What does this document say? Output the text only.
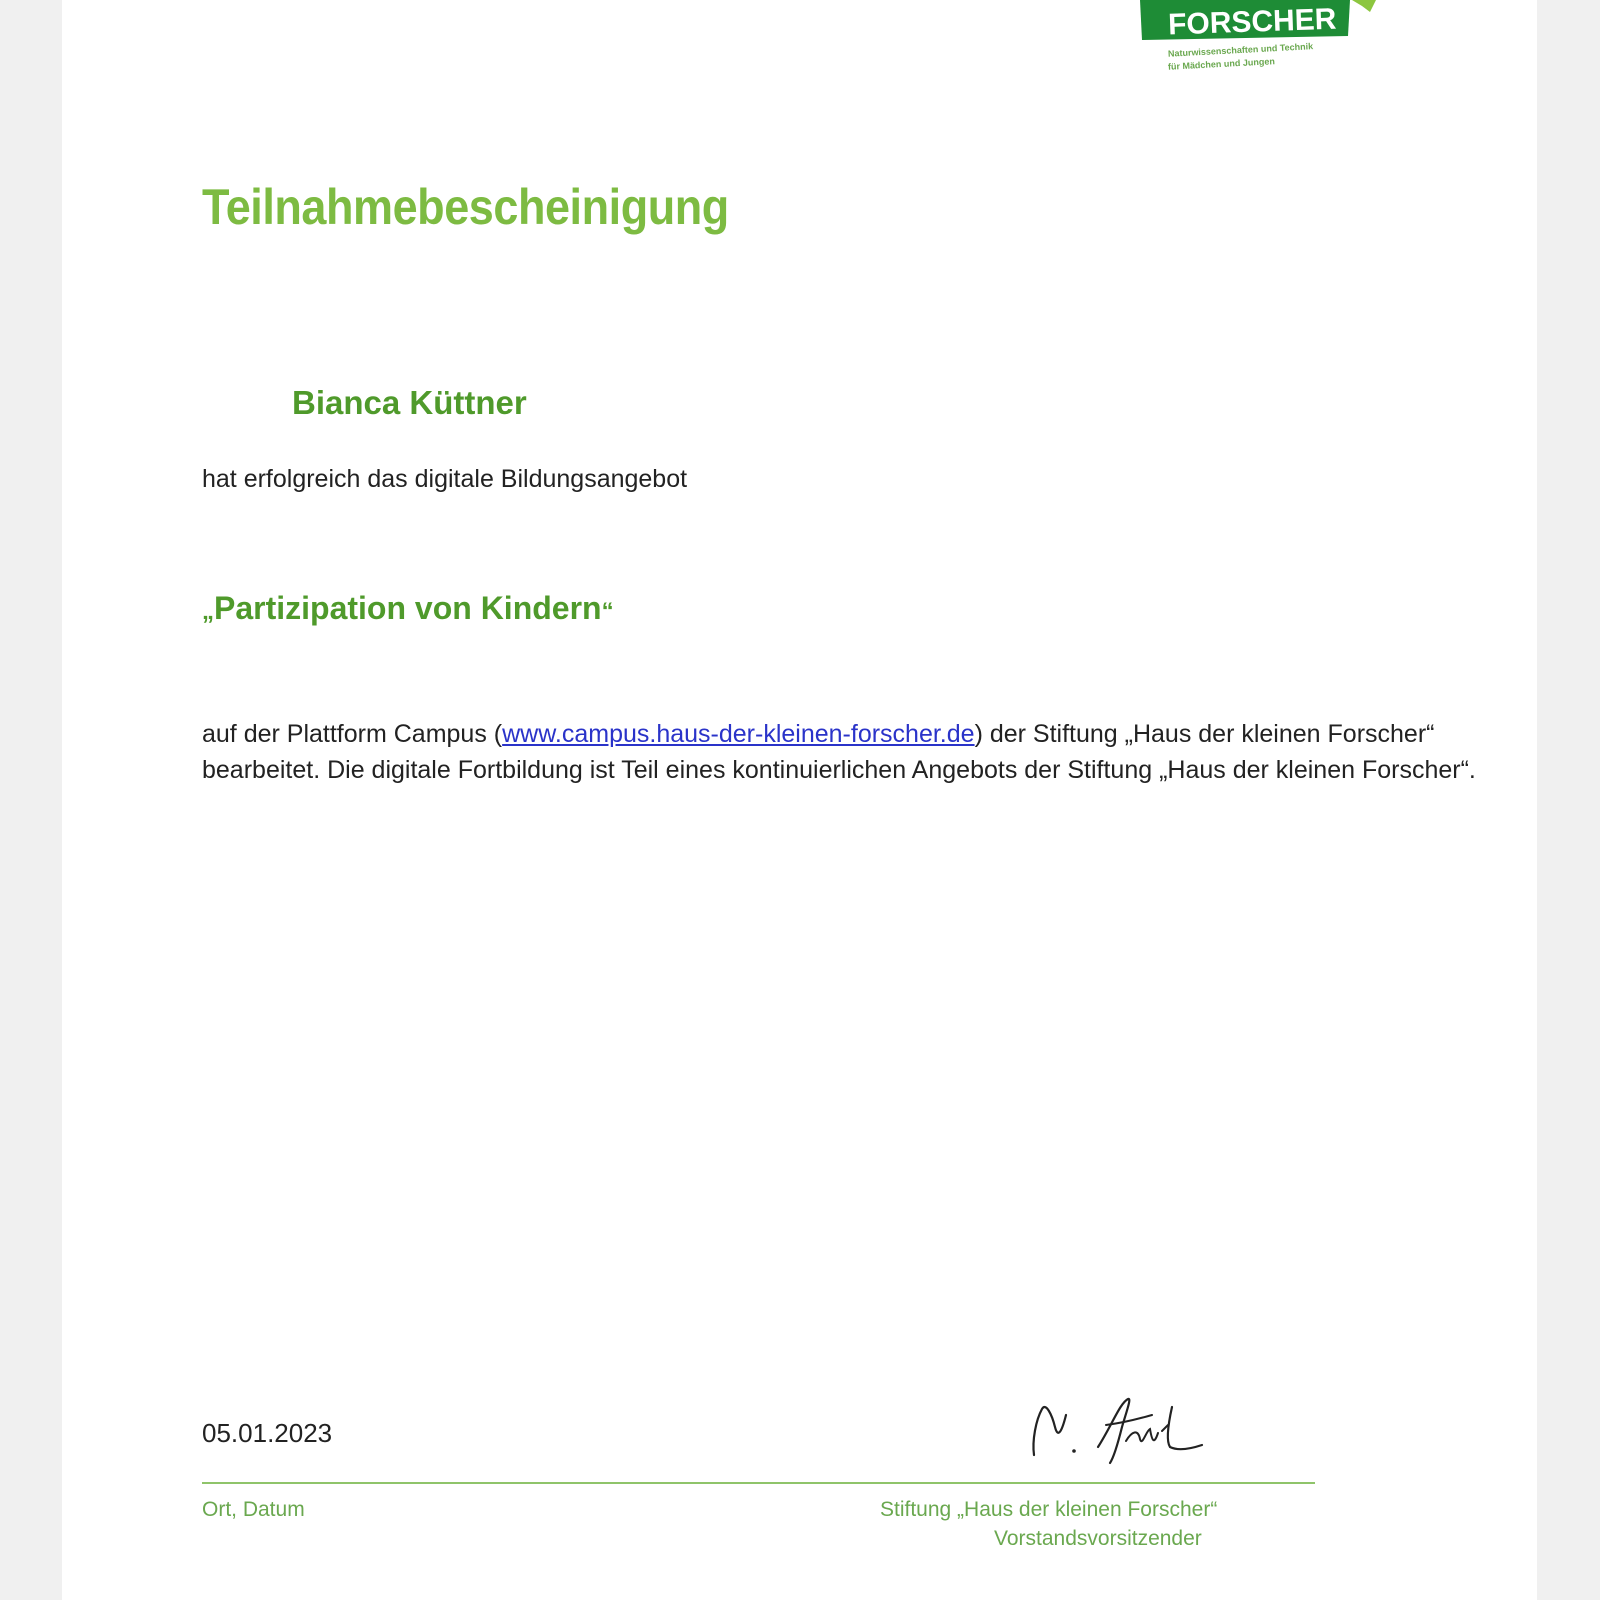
FORSCHER
Naturwissenschaften und Technik
für Mädchen und Jungen
Teilnahmebescheinigung
Bianca Küttner
hat erfolgreich das digitale Bildungsangebot
„Partizipation von Kindern“

auf der Plattform Campus (www.campus.haus-der-kleinen-forscher.de) der Stiftung „Haus der kleinen Forscher“ bearbeitet. Die digitale Fortbildung ist Teil eines kontinuierlichen Angebots der Stiftung „Haus der kleinen Forscher“.

05.01.2023
Ort, Datum	Stiftung „Haus der kleinen Forscher“
Vorstandsvorsitzender
